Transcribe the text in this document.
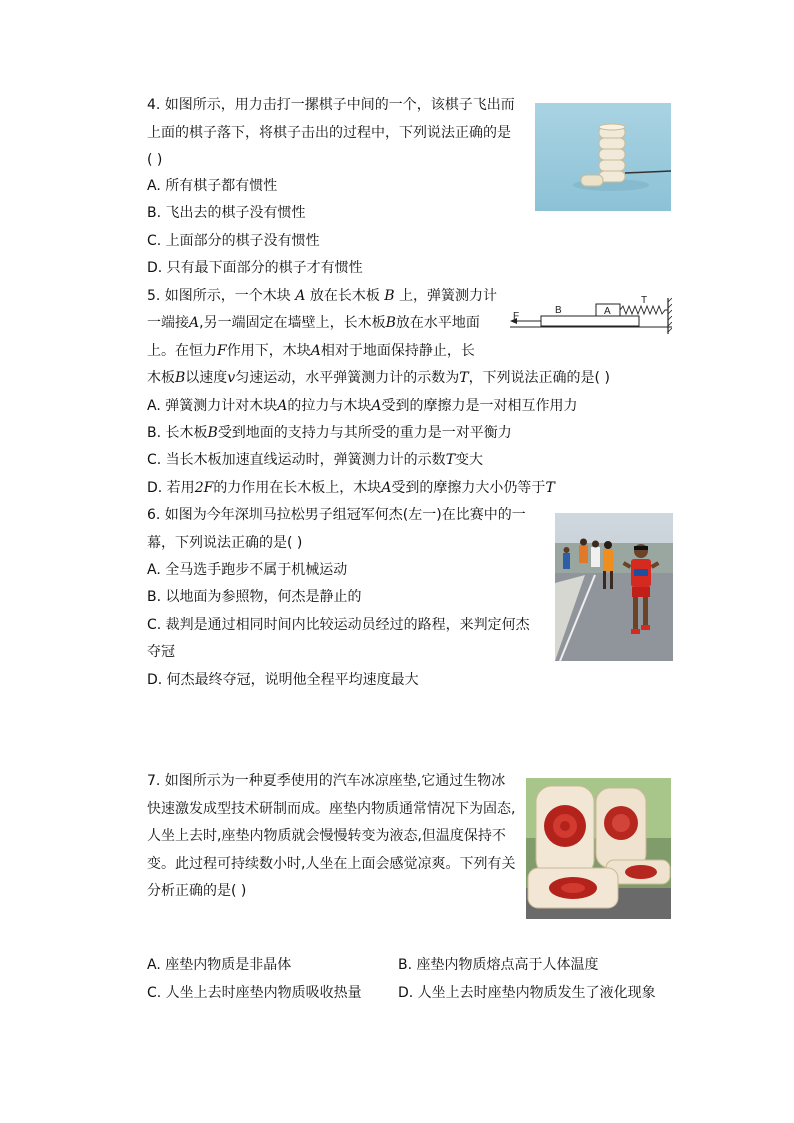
4. 如图所示，用力击打一摞棋子中间的一个，该棋子飞出而
上面的棋子落下，将棋子击出的过程中，下列说法正确的是
( )
A. 所有棋子都有惯性
B. 飞出去的棋子没有惯性
C. 上面部分的棋子没有惯性
D. 只有最下面部分的棋子才有惯性
5. 如图所示，一个木块 A 放在长木板 B 上，弹簧测力计
一端接A,另一端固定在墙壁上，长木板B放在水平地面
上。在恒力F作用下，木块A相对于地面保持静止，长
木板B以速度v匀速运动，水平弹簧测力计的示数为T，下列说法正确的是( )
A. 弹簧测力计对木块A的拉力与木块A受到的摩擦力是一对相互作用力
B. 长木板B受到地面的支持力与其所受的重力是一对平衡力
C. 当长木板加速直线运动时，弹簧测力计的示数T变大
D. 若用2F的力作用在长木板上，木块A受到的摩擦力大小仍等于T
F
B	A
T
6. 如图为今年深圳马拉松男子组冠军何杰(左一)在比赛中的一
幕，下列说法正确的是( )
A. 全马选手跑步不属于机械运动
B. 以地面为参照物，何杰是静止的
C. 裁判是通过相同时间内比较运动员经过的路程，来判定何杰
夺冠
D. 何杰最终夺冠，说明他全程平均速度最大
7. 如图所示为一种夏季使用的汽车冰凉座垫,它通过生物冰
快速激发成型技术研制而成。座垫内物质通常情况下为固态,
人坐上去时,座垫内物质就会慢慢转变为液态,但温度保持不
变。此过程可持续数小时,人坐在上面会感觉凉爽。下列有关
分析正确的是( )
A. 座垫内物质是非晶体	B. 座垫内物质熔点高于人体温度
C. 人坐上去时座垫内物质吸收热量	D. 人坐上去时座垫内物质发生了液化现象
